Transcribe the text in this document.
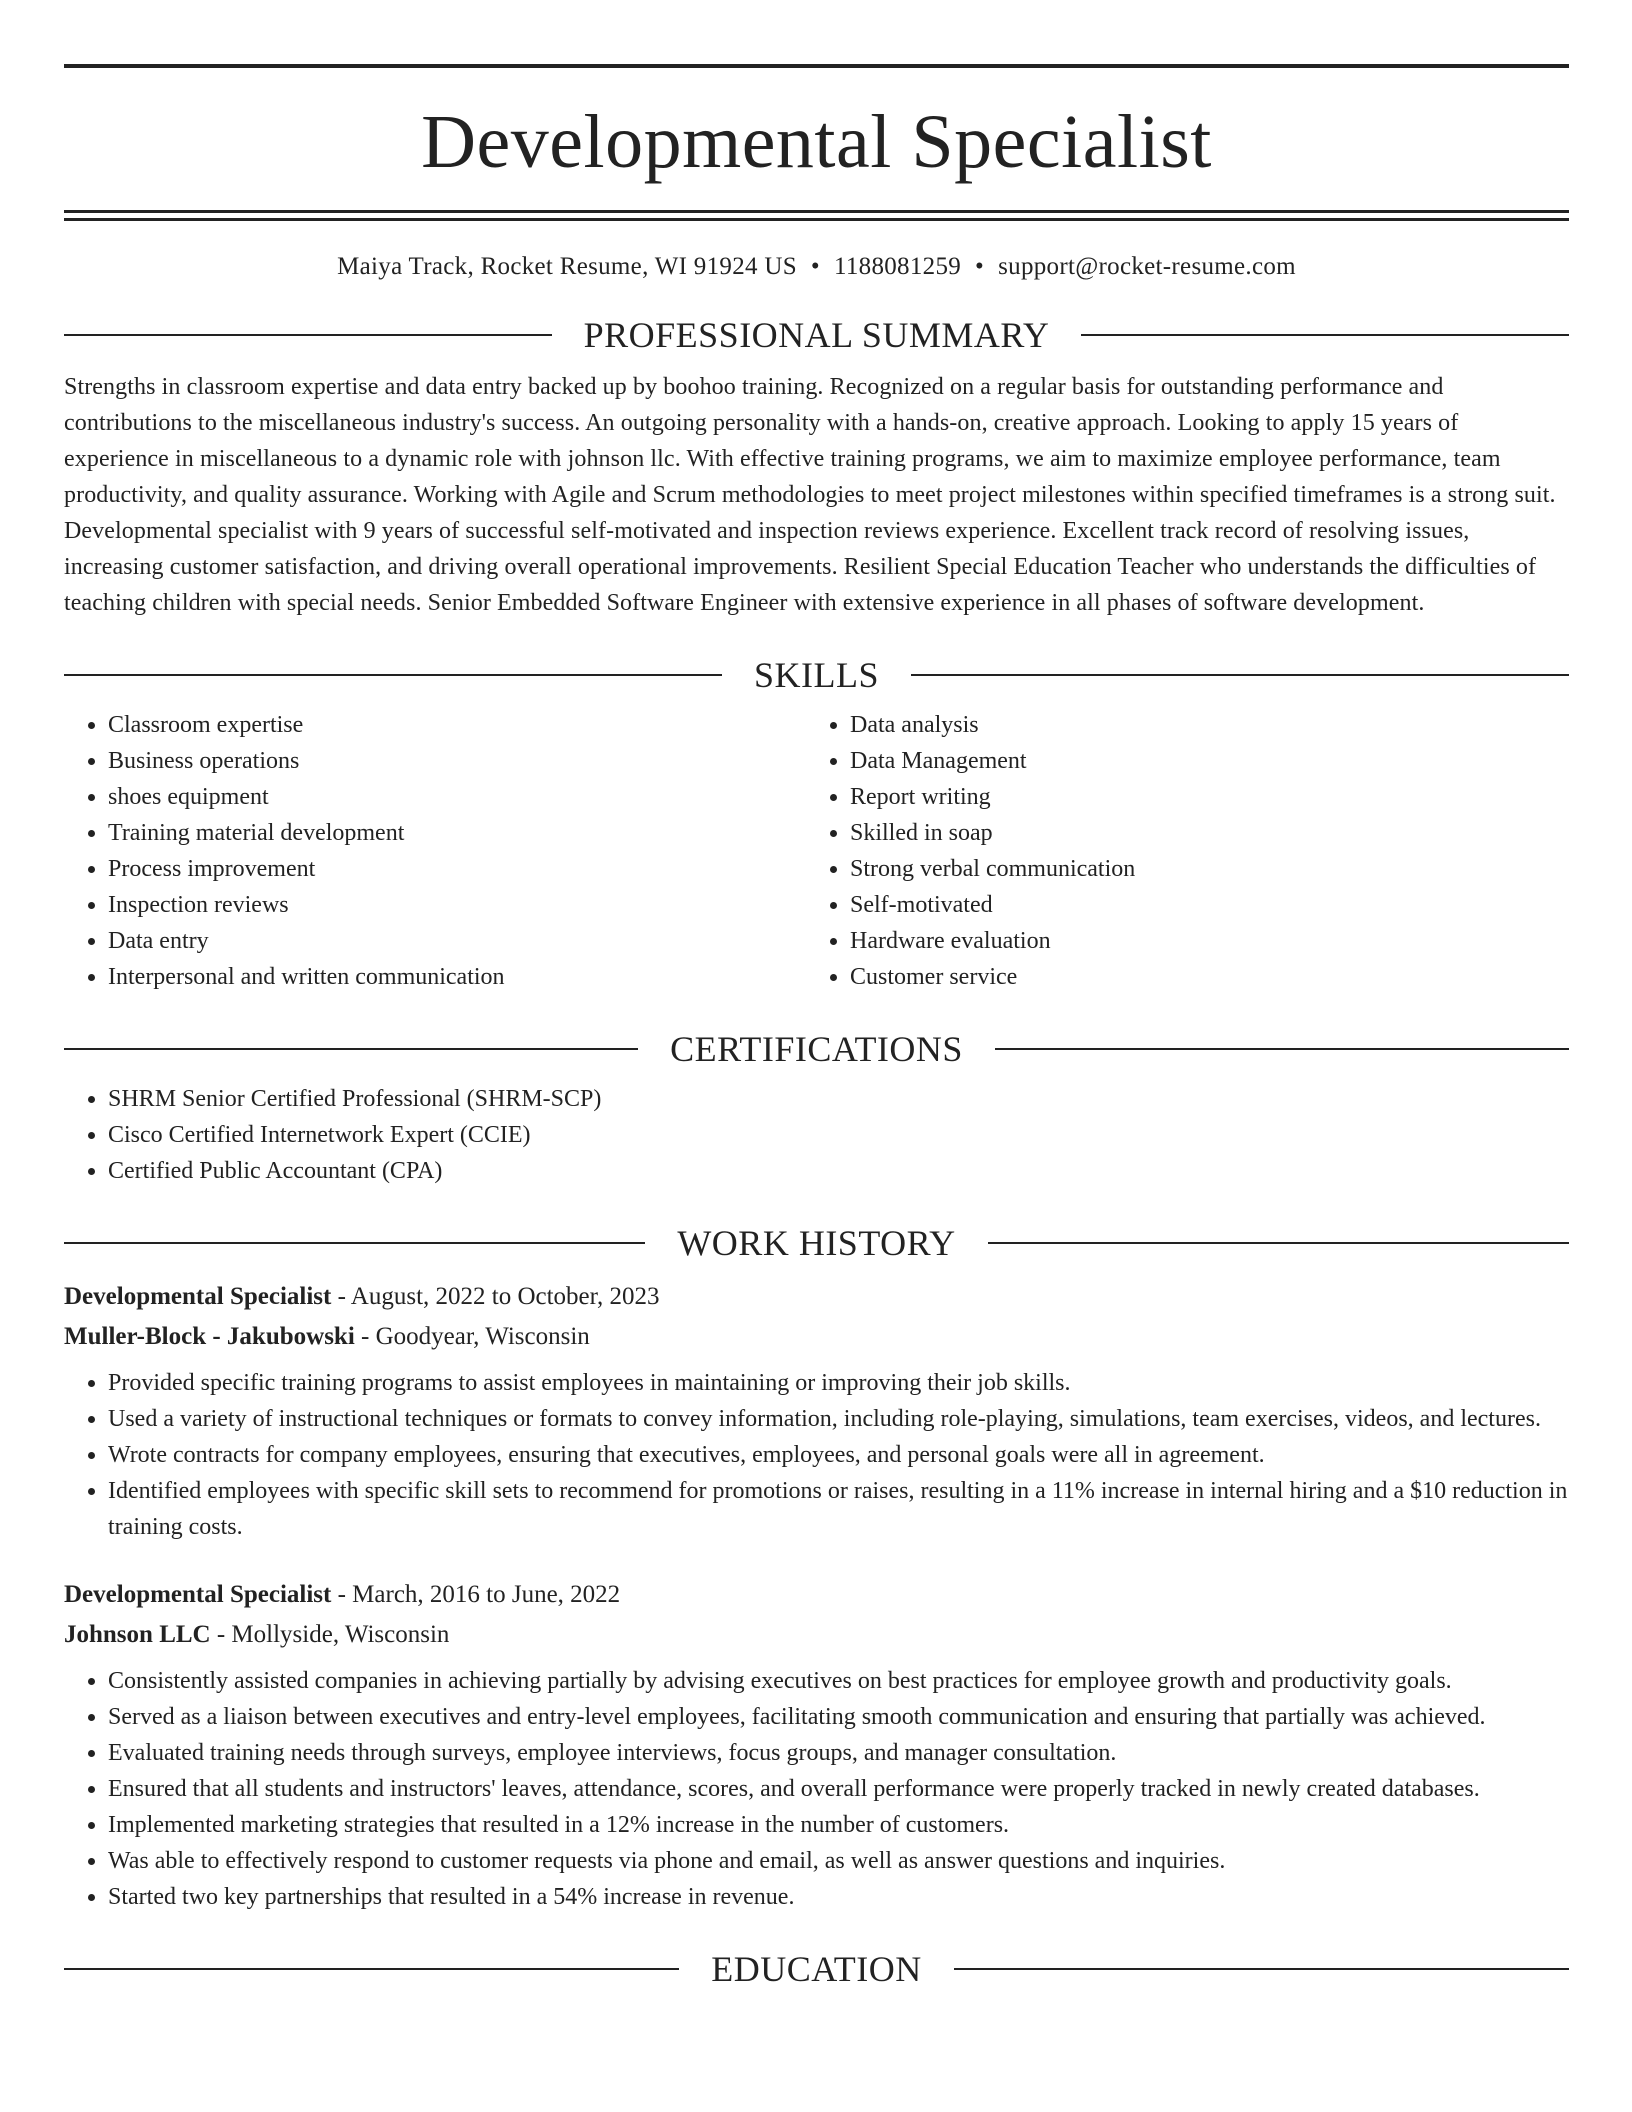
Developmental Specialist
Maiya Track, Rocket Resume, WI 91924 US • 1188081259 • support@rocket-resume.com
PROFESSIONAL SUMMARY
Strengths in classroom expertise and data entry backed up by boohoo training. Recognized on a regular basis for outstanding performance and contributions to the miscellaneous industry's success. An outgoing personality with a hands-on, creative approach. Looking to apply 15 years of experience in miscellaneous to a dynamic role with johnson llc. With effective training programs, we aim to maximize employee performance, team productivity, and quality assurance. Working with Agile and Scrum methodologies to meet project milestones within specified timeframes is a strong suit. Developmental specialist with 9 years of successful self-motivated and inspection reviews experience. Excellent track record of resolving issues, increasing customer satisfaction, and driving overall operational improvements. Resilient Special Education Teacher who understands the difficulties of teaching children with special needs. Senior Embedded Software Engineer with extensive experience in all phases of software development.
SKILLS
• Classroom expertise
• Business operations
• shoes equipment
• Training material development
• Process improvement
• Inspection reviews
• Data entry
• Interpersonal and written communication
• Data analysis
• Data Management
• Report writing
• Skilled in soap
• Strong verbal communication
• Self-motivated
• Hardware evaluation
• Customer service
CERTIFICATIONS
• SHRM Senior Certified Professional (SHRM-SCP)
• Cisco Certified Internetwork Expert (CCIE)
• Certified Public Accountant (CPA)
WORK HISTORY
Developmental Specialist - August, 2022 to October, 2023
Muller-Block - Jakubowski - Goodyear, Wisconsin
• Provided specific training programs to assist employees in maintaining or improving their job skills.
• Used a variety of instructional techniques or formats to convey information, including role-playing, simulations, team exercises, videos, and lectures.
• Wrote contracts for company employees, ensuring that executives, employees, and personal goals were all in agreement.
• Identified employees with specific skill sets to recommend for promotions or raises, resulting in a 11% increase in internal hiring and a $10 reduction in training costs.
Developmental Specialist - March, 2016 to June, 2022
Johnson LLC - Mollyside, Wisconsin
• Consistently assisted companies in achieving partially by advising executives on best practices for employee growth and productivity goals.
• Served as a liaison between executives and entry-level employees, facilitating smooth communication and ensuring that partially was achieved.
• Evaluated training needs through surveys, employee interviews, focus groups, and manager consultation.
• Ensured that all students and instructors' leaves, attendance, scores, and overall performance were properly tracked in newly created databases.
• Implemented marketing strategies that resulted in a 12% increase in the number of customers.
• Was able to effectively respond to customer requests via phone and email, as well as answer questions and inquiries.
• Started two key partnerships that resulted in a 54% increase in revenue.
EDUCATION
